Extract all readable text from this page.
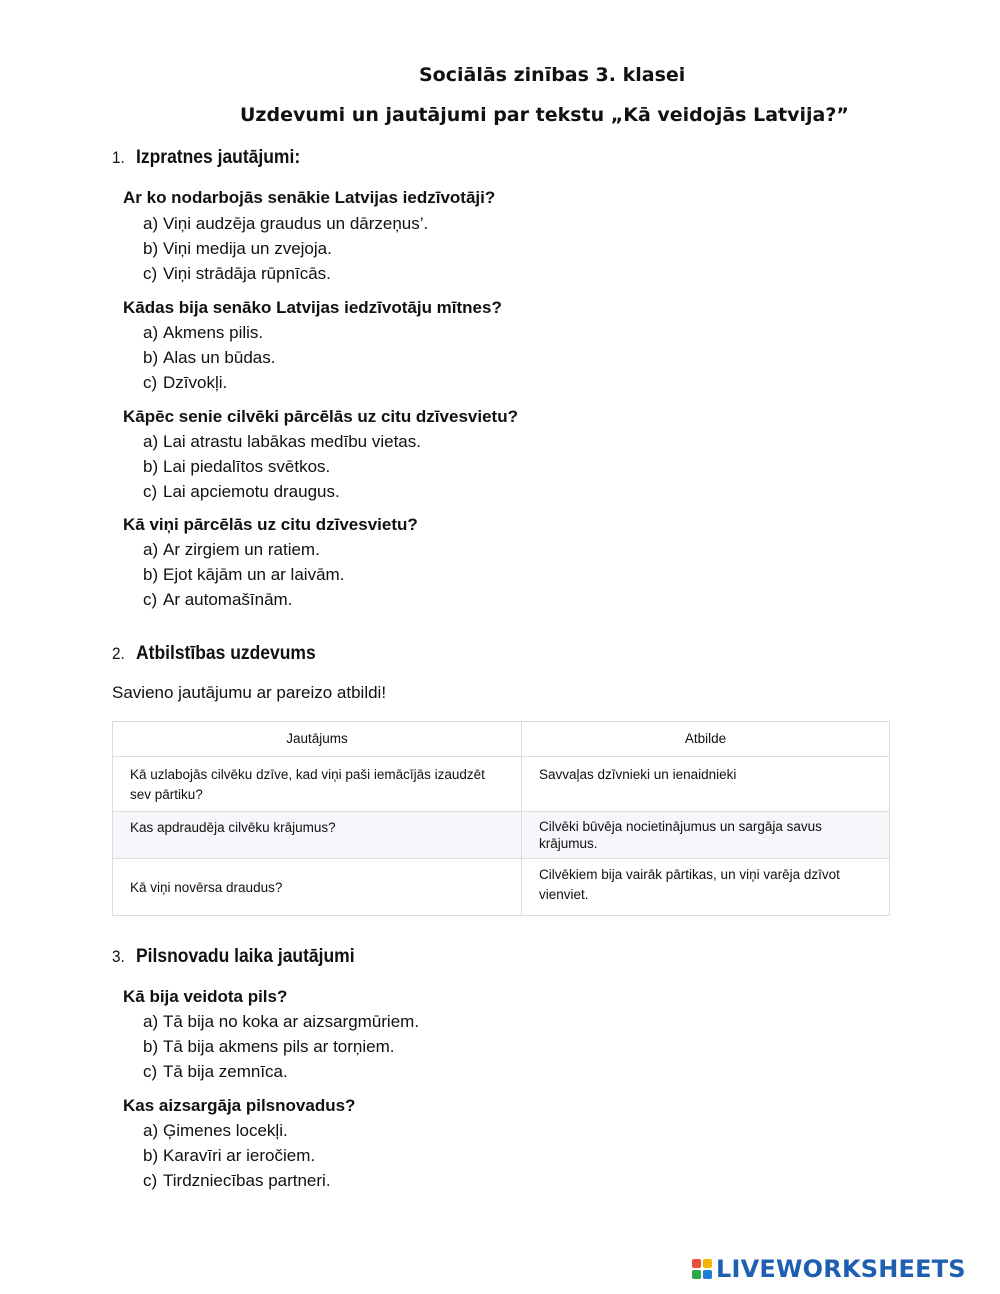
Sociālās zinības 3. klasei
Uzdevumi un jautājumi par tekstu „Kā veidojās Latvija?”
1. Izpratnes jautājumi:
Ar ko nodarbojās senākie Latvijas iedzīvotāji?
a) Viņi audzēja graudus un dārzeņus’.
b) Viņi medija un zvejoja.
c) Viņi strādāja rūpnīcās.
Kādas bija senāko Latvijas iedzīvotāju mītnes?
a) Akmens pilis.
b) Alas un būdas.
c) Dzīvokļi.
Kāpēc senie cilvēki pārcēlās uz citu dzīvesvietu?
a) Lai atrastu labākas medību vietas.
b) Lai piedalītos svētkos.
c) Lai apciemotu draugus.
Kā viņi pārcēlās uz citu dzīvesvietu?
a) Ar zirgiem un ratiem.
b) Ejot kājām un ar laivām.
c) Ar automašīnām.
2. Atbilstības uzdevums
Savieno jautājumu ar pareizo atbildi!
Jautājums	Atbilde
Kā uzlabojās cilvēku dzīve, kad viņi paši iemācījās izaudzēt sev pārtiku?	Savvaļas dzīvnieki un ienaidnieki
Kas apdraudēja cilvēku krājumus?	Cilvēki būvēja nocietinājumus un sargāja savus krājumus.
Kā viņi novērsa draudus?	Cilvēkiem bija vairāk pārtikas, un viņi varēja dzīvot vienviet.
3. Pilsnovadu laika jautājumi
Kā bija veidota pils?
a) Tā bija no koka ar aizsargmūriem.
b) Tā bija akmens pils ar torņiem.
c) Tā bija zemnīca.
Kas aizsargāja pilsnovadus?
a) Ģimenes locekļi.
b) Karavīri ar ieročiem.
c) Tirdzniecības partneri.
LIVEWORKSHEETS
